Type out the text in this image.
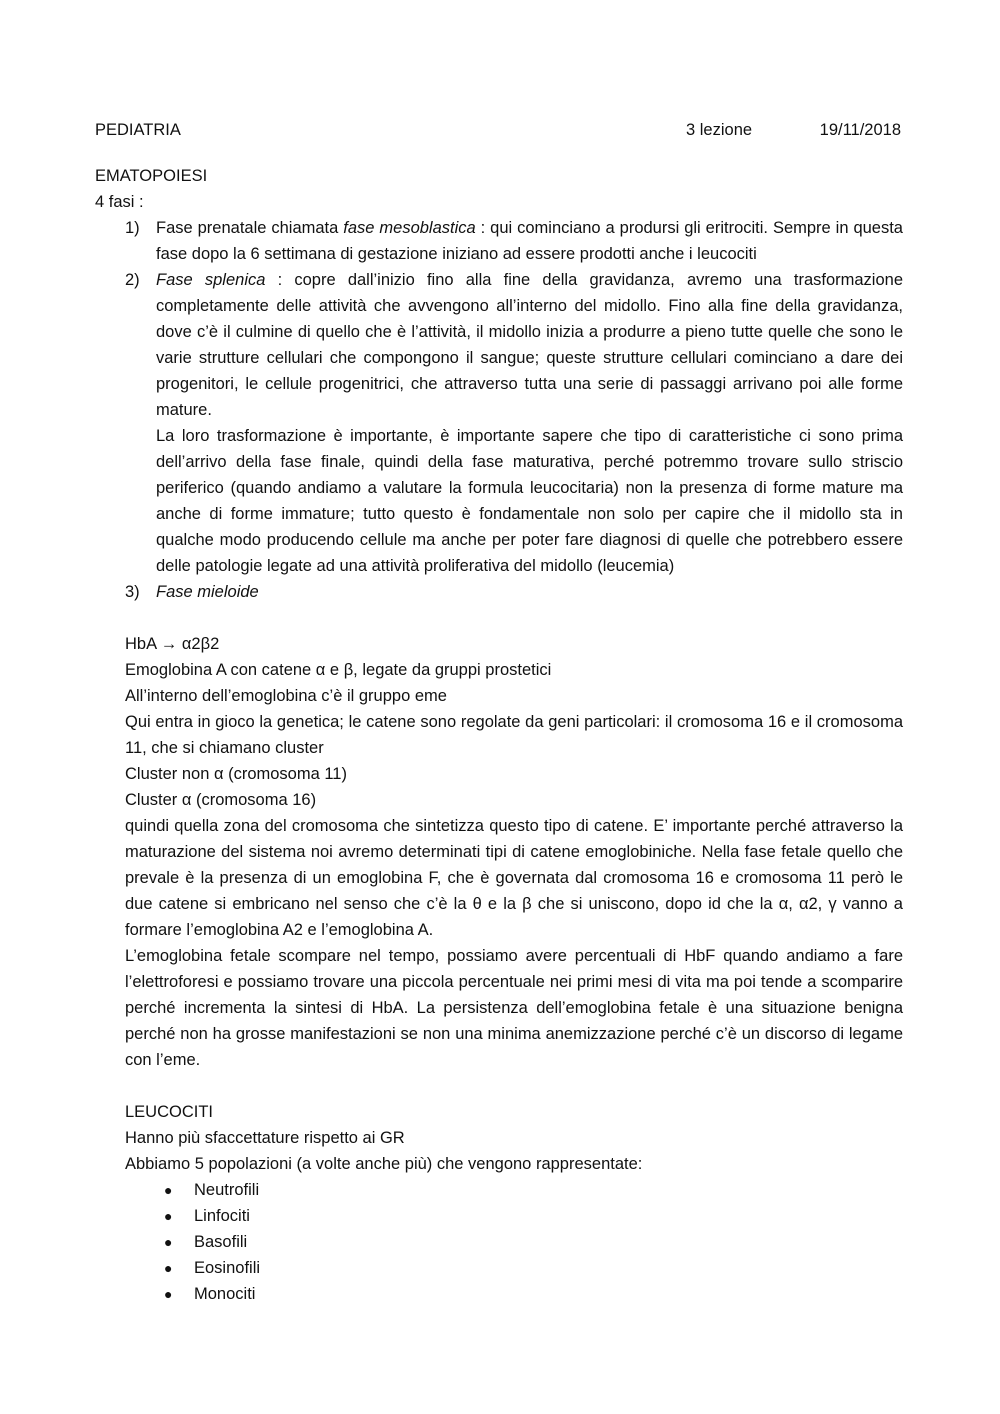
PEDIATRIA	3 lezione	19/11/2018

EMATOPOIESI

4 fasi :

1) Fase prenatale chiamata fase mesoblastica : qui cominciano a prodursi gli eritrociti. Sempre in questa fase dopo la 6 settimana di gestazione iniziano ad essere prodotti anche i leucociti

2) Fase splenica : copre dall’inizio fino alla fine della gravidanza, avremo una trasformazione completamente delle attività che avvengono all’interno del midollo. Fino alla fine della gravidanza, dove c’è il culmine di quello che è l’attività, il midollo inizia a produrre a pieno tutte quelle che sono le varie strutture cellulari che compongono il sangue; queste strutture cellulari cominciano a dare dei progenitori, le cellule progenitrici, che attraverso tutta una serie di passaggi arrivano poi alle forme mature.

La loro trasformazione è importante, è importante sapere che tipo di caratteristiche ci sono prima dell’arrivo della fase finale, quindi della fase maturativa, perché potremmo trovare sullo striscio periferico (quando andiamo a valutare la formula leucocitaria) non la presenza di forme mature ma anche di forme immature; tutto questo è fondamentale non solo per capire che il midollo sta in qualche modo producendo cellule ma anche per poter fare diagnosi di quelle che potrebbero essere delle patologie legate ad una attività proliferativa del midollo (leucemia)

3) Fase mieloide

HbA → α2β2

Emoglobina A con catene α e β, legate da gruppi prostetici

All’interno dell’emoglobina c’è il gruppo eme

Qui entra in gioco la genetica; le catene sono regolate da geni particolari: il cromosoma 16 e il cromosoma 11, che si chiamano cluster

Cluster non α (cromosoma 11)

Cluster α (cromosoma 16)

quindi quella zona del cromosoma che sintetizza questo tipo di catene. E’ importante perché attraverso la maturazione del sistema noi avremo determinati tipi di catene emoglobiniche. Nella fase fetale quello che prevale è la presenza di un emoglobina F, che è governata dal cromosoma 16 e cromosoma 11 però le due catene si embricano nel senso che c’è la θ e la β che si uniscono, dopo id che la α, α2, γ vanno a formare l’emoglobina A2 e l’emoglobina A.

L’emoglobina fetale scompare nel tempo, possiamo avere percentuali di HbF quando andiamo a fare l’elettroforesi e possiamo trovare una piccola percentuale nei primi mesi di vita ma poi tende a scomparire perché incrementa la sintesi di HbA. La persistenza dell’emoglobina fetale è una situazione benigna perché non ha grosse manifestazioni se non una minima anemizzazione perché c’è un discorso di legame con l’eme.

LEUCOCITI

Hanno più sfaccettature rispetto ai GR

Abbiamo 5 popolazioni (a volte anche più) che vengono rappresentate:

●	Neutrofili
●	Linfociti
●	Basofili
●	Eosinofili
●	Monociti
